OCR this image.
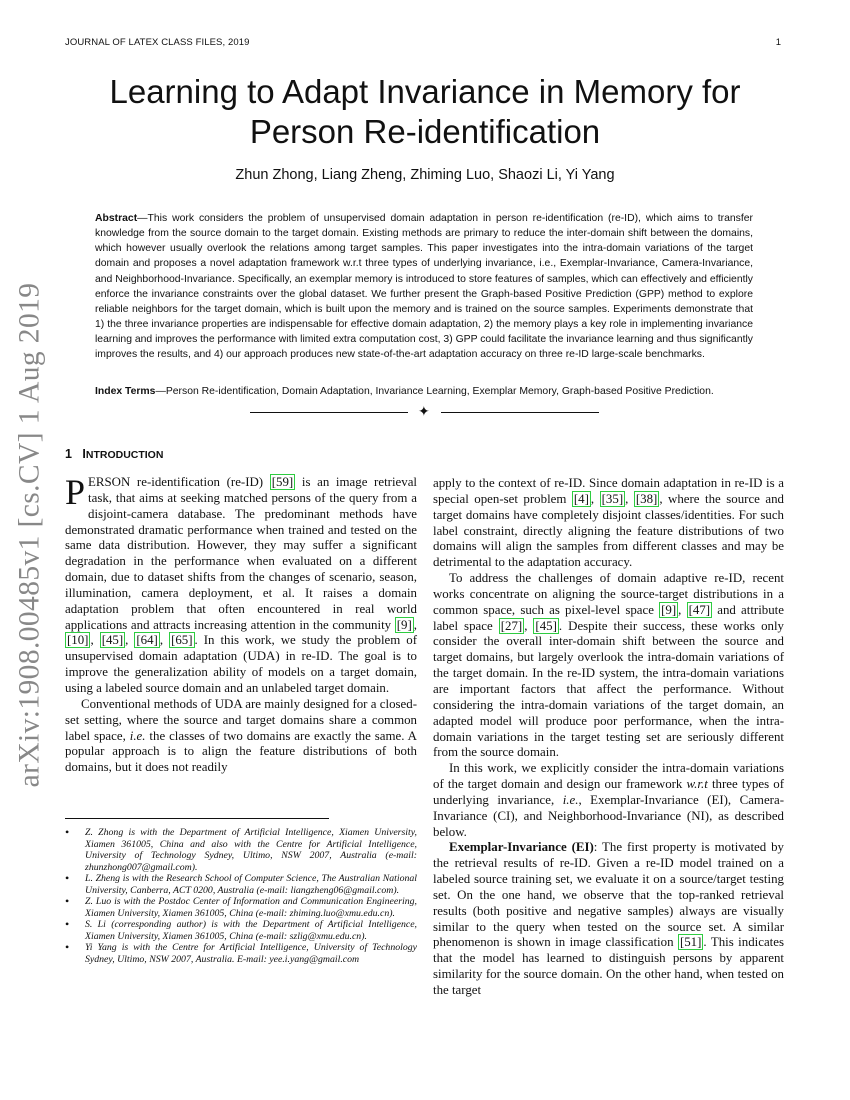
JOURNAL OF LATEX CLASS FILES, 2019	1
Learning to Adapt Invariance in Memory for Person Re-identification
Zhun Zhong, Liang Zheng, Zhiming Luo, Shaozi Li, Yi Yang
Abstract—This work considers the problem of unsupervised domain adaptation in person re-identification (re-ID), which aims to transfer knowledge from the source domain to the target domain. Existing methods are primary to reduce the inter-domain shift between the domains, which however usually overlook the relations among target samples. This paper investigates into the intra-domain variations of the target domain and proposes a novel adaptation framework w.r.t three types of underlying invariance, i.e., Exemplar-Invariance, Camera-Invariance, and Neighborhood-Invariance. Specifically, an exemplar memory is introduced to store features of samples, which can effectively and efficiently enforce the invariance constraints over the global dataset. We further present the Graph-based Positive Prediction (GPP) method to explore reliable neighbors for the target domain, which is built upon the memory and is trained on the source samples. Experiments demonstrate that 1) the three invariance properties are indispensable for effective domain adaptation, 2) the memory plays a key role in implementing invariance learning and improves the performance with limited extra computation cost, 3) GPP could facilitate the invariance learning and thus significantly improves the results, and 4) our approach produces new state-of-the-art adaptation accuracy on three re-ID large-scale benchmarks.
Index Terms—Person Re-identification, Domain Adaptation, Invariance Learning, Exemplar Memory, Graph-based Positive Prediction.
✦
arXiv:1908.00485v1 [cs.CV] 1 Aug 2019 1 INTRODUCTION

PERSON re-identification (re-ID) [59] is an image retrieval task, that aims at seeking matched persons of the query from a disjoint-camera database. The predominant methods have demonstrated dramatic performance when trained and tested on the same data distribution. However, they may suffer a significant degradation in the performance when evaluated on a different domain, due to dataset shifts from the changes of scenario, season, illumination, camera deployment, et al. It raises a domain adaptation problem that often encountered in real world applications and attracts increasing attention in the community [9] , [10] , [45] , [64] , [65] . In this work, we study the problem of unsupervised domain adaptation (UDA) in re-ID. The goal is to improve the generalization ability of models on a target domain, using a labeled source domain and an unlabeled target domain.

Conventional methods of UDA are mainly designed for a closed-set setting, where the source and target domains share a common label space, i.e. the classes of two domains are exactly the same. A popular approach is to align the feature distributions of both domains, but it does not readily

• Z. Zhong is with the Department of Artificial Intelligence, Xiamen University, Xiamen 361005, China and also with the Centre for Artificial Intelligence, University of Technology Sydney, Ultimo, NSW 2007, Australia (e-mail: zhunzhong007@gmail.com).
• L. Zheng is with the Research School of Computer Science, The Australian National University, Canberra, ACT 0200, Australia (e-mail: liangzheng06@gmail.com).
• Z. Luo is with the Postdoc Center of Information and Communication Engineering, Xiamen University, Xiamen 361005, China (e-mail: zhiming.luo@xmu.edu.cn).
• S. Li (corresponding author) is with the Department of Artificial Intelligence, Xiamen University, Xiamen 361005, China (e-mail: szlig@xmu.edu.cn).
• Yi Yang is with the Centre for Artificial Intelligence, University of Technology Sydney, Ultimo, NSW 2007, Australia. E-mail: yee.i.yang@gmail.com

apply to the context of re-ID. Since domain adaptation in re-ID is a special open-set problem [4] , [35] , [38] , where the source and target domains have completely disjoint classes/identities. For such label constraint, directly aligning the feature distributions of two domains will align the samples from different classes and may be detrimental to the adaptation accuracy.

To address the challenges of domain adaptive re-ID, recent works concentrate on aligning the source-target distributions in a common space, such as pixel-level space [9] , [47] and attribute label space [27] , [45] . Despite their success, these works only consider the overall inter-domain shift between the source and target domains, but largely overlook the intra-domain variations of the target domain. In the re-ID system, the intra-domain variations are important factors that affect the performance. Without considering the intra-domain variations of the target domain, an adapted model will produce poor performance, when the intra-domain variations in the target testing set are seriously different from the source domain.

In this work, we explicitly consider the intra-domain variations of the target domain and design our framework w.r.t three types of underlying invariance, i.e., Exemplar-Invariance (EI), Camera-Invariance (CI), and Neighborhood-Invariance (NI), as described below.

Exemplar-Invariance (EI): The first property is motivated by the retrieval results of re-ID. Given a re-ID model trained on a labeled source training set, we evaluate it on a source/target testing set. On the one hand, we observe that the top-ranked retrieval results (both positive and negative samples) always are visually similar to the query when tested on the source set. A similar phenomenon is shown in image classification [51] . This indicates that the model has learned to distinguish persons by apparent similarity for the source domain. On the other hand, when tested on the target
